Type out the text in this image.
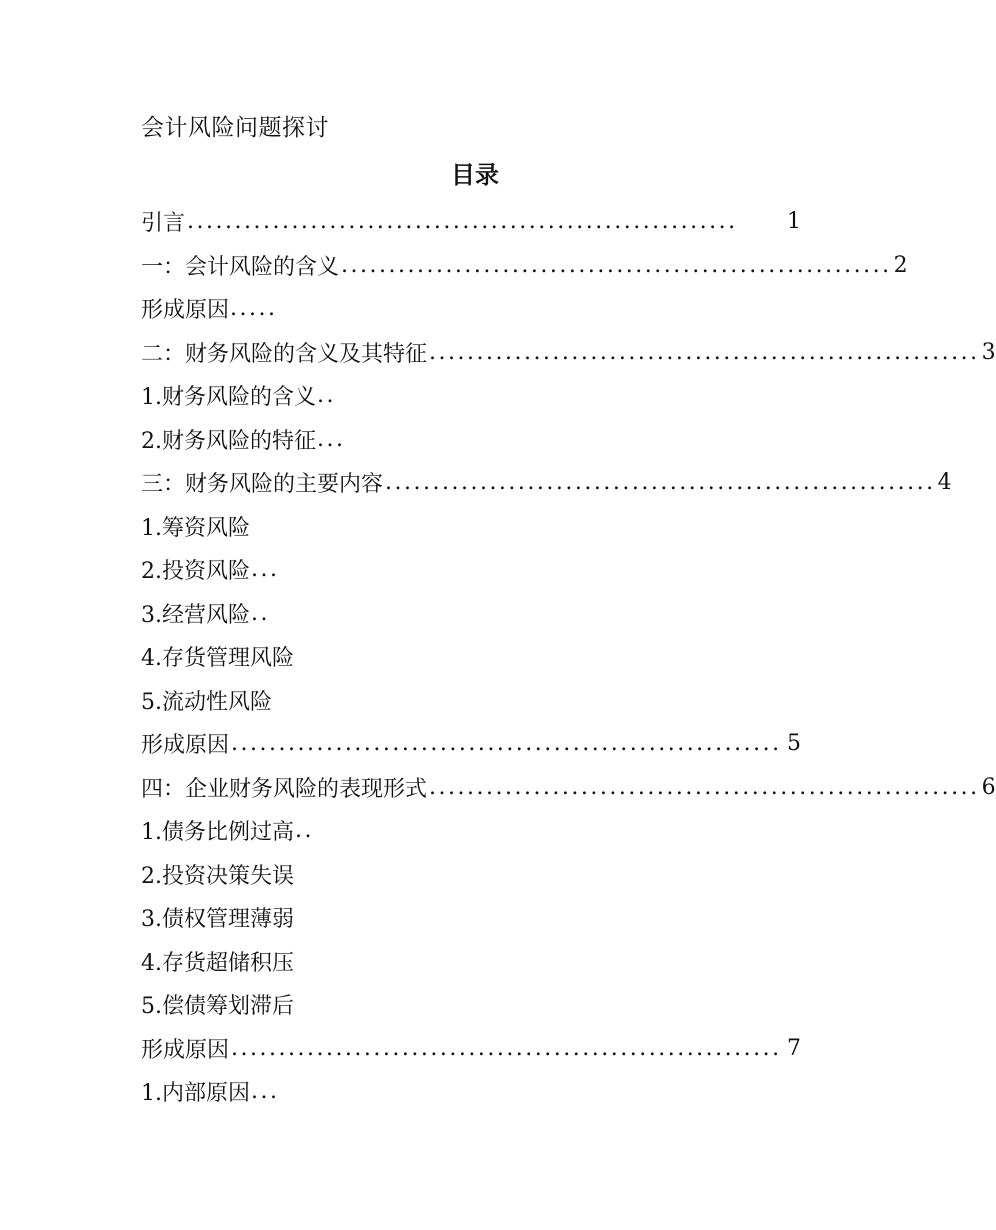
会计风险问题探讨
目录
引言 ..........................................................	1
一：会计风险的含义 .......................................................... 2
形成原因 .....
二：财务风险的含义及其特征 .......................................................... 3
1.财务风险的含义 ..
2.财务风险的特征 ...
三：财务风险的主要内容 .......................................................... 4
1.筹资风险
2.投资风险 ...
3.经营风险 ..
4.存货管理风险
5.流动性风险
形成原因 .......................................................... 5
四：企业财务风险的表现形式 .......................................................... 6
1.债务比例过高 ..
2.投资决策失误
3.债权管理薄弱
4.存货超储积压
5.偿债筹划滞后
形成原因 .......................................................... 7
1.内部原因 ...
